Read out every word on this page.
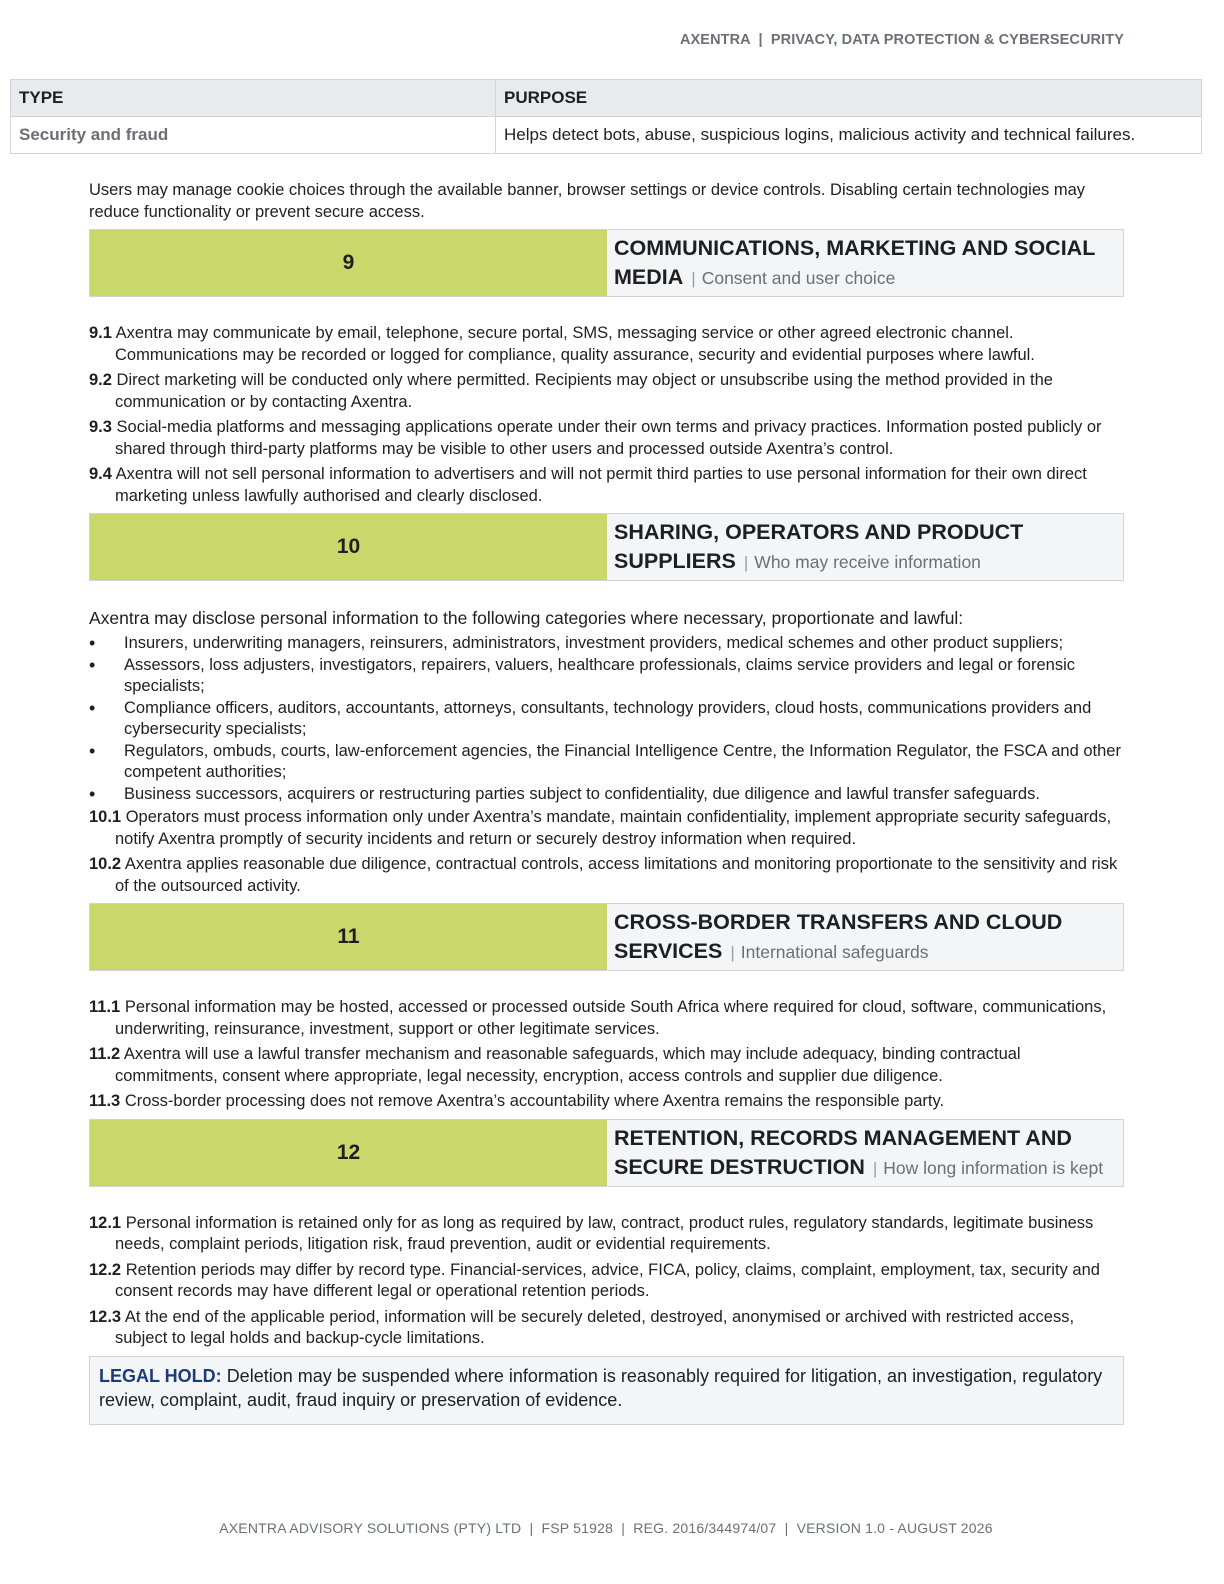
AXENTRA  |  PRIVACY, DATA PROTECTION & CYBERSECURITY
TYPE	PURPOSE
Security and fraud	Helps detect bots, abuse, suspicious logins, malicious activity and technical failures.

Users may manage cookie choices through the available banner, browser settings or device controls. Disabling certain technologies may reduce functionality or prevent secure access.

9
COMMUNICATIONS, MARKETING AND SOCIAL MEDIA | Consent and user choice
9.1 Axentra may communicate by email, telephone, secure portal, SMS, messaging service or other agreed electronic channel. Communications may be recorded or logged for compliance, quality assurance, security and evidential purposes where lawful.
9.2 Direct marketing will be conducted only where permitted. Recipients may object or unsubscribe using the method provided in the communication or by contacting Axentra.
9.3 Social-media platforms and messaging applications operate under their own terms and privacy practices. Information posted publicly or shared through third-party platforms may be visible to other users and processed outside Axentra’s control.
9.4 Axentra will not sell personal information to advertisers and will not permit third parties to use personal information for their own direct marketing unless lawfully authorised and clearly disclosed.
10
SHARING, OPERATORS AND PRODUCT SUPPLIERS | Who may receive information

Axentra may disclose personal information to the following categories where necessary, proportionate and lawful:

• Insurers, underwriting managers, reinsurers, administrators, investment providers, medical schemes and other product suppliers;
• Assessors, loss adjusters, investigators, repairers, valuers, healthcare professionals, claims service providers and legal or forensic specialists;
• Compliance officers, auditors, accountants, attorneys, consultants, technology providers, cloud hosts, communications providers and cybersecurity specialists;
• Regulators, ombuds, courts, law-enforcement agencies, the Financial Intelligence Centre, the Information Regulator, the FSCA and other competent authorities;
• Business successors, acquirers or restructuring parties subject to confidentiality, due diligence and lawful transfer safeguards.
10.1 Operators must process information only under Axentra’s mandate, maintain confidentiality, implement appropriate security safeguards, notify Axentra promptly of security incidents and return or securely destroy information when required.
10.2 Axentra applies reasonable due diligence, contractual controls, access limitations and monitoring proportionate to the sensitivity and risk of the outsourced activity.
11
CROSS-BORDER TRANSFERS AND CLOUD SERVICES | International safeguards
11.1 Personal information may be hosted, accessed or processed outside South Africa where required for cloud, software, communications, underwriting, reinsurance, investment, support or other legitimate services.
11.2 Axentra will use a lawful transfer mechanism and reasonable safeguards, which may include adequacy, binding contractual commitments, consent where appropriate, legal necessity, encryption, access controls and supplier due diligence.
11.3 Cross-border processing does not remove Axentra’s accountability where Axentra remains the responsible party.
12
RETENTION, RECORDS MANAGEMENT AND SECURE DESTRUCTION | How long information is kept
12.1 Personal information is retained only for as long as required by law, contract, product rules, regulatory standards, legitimate business needs, complaint periods, litigation risk, fraud prevention, audit or evidential requirements.
12.2 Retention periods may differ by record type. Financial-services, advice, FICA, policy, claims, complaint, employment, tax, security and consent records may have different legal or operational retention periods.
12.3 At the end of the applicable period, information will be securely deleted, destroyed, anonymised or archived with restricted access, subject to legal holds and backup-cycle limitations.
LEGAL HOLD: Deletion may be suspended where information is reasonably required for litigation, an investigation, regulatory review, complaint, audit, fraud inquiry or preservation of evidence.
AXENTRA ADVISORY SOLUTIONS (PTY) LTD  |  FSP 51928  |  REG. 2016/344974/07  |  VERSION 1.0 - AUGUST 2026
